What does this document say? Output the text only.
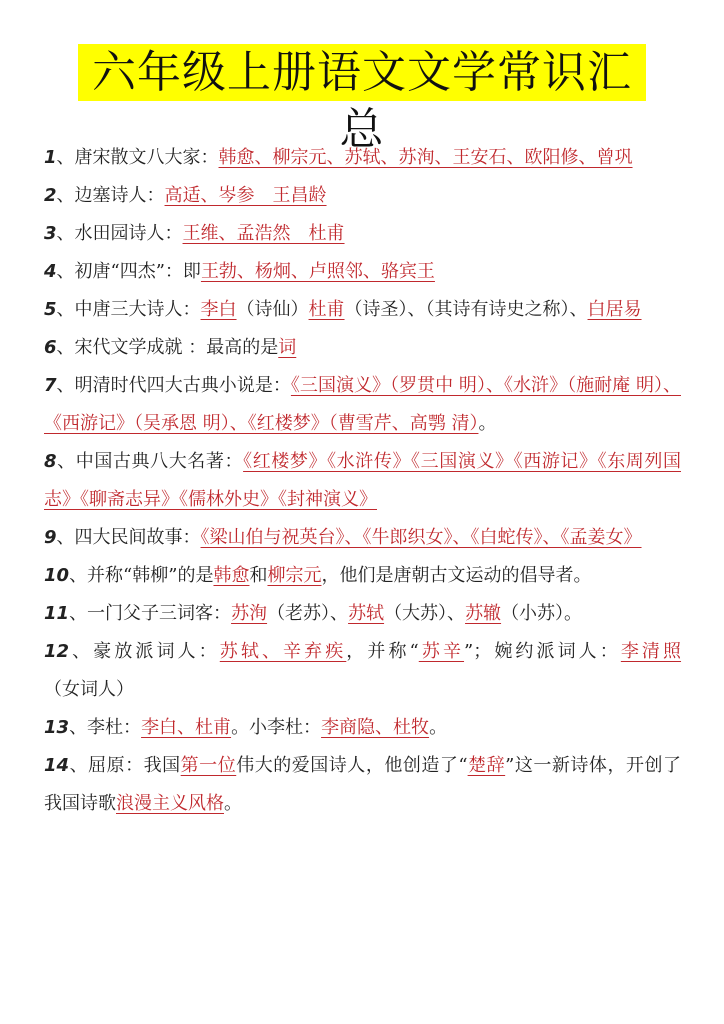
六年级上册语文文学常识汇总
1、唐宋散文八大家：韩愈、柳宗元、苏轼、苏洵、王安石、欧阳修、曾巩
2、边塞诗人：高适、岑参　王昌龄
3、水田园诗人：王维、孟浩然　杜甫
4、初唐“四杰”：即王勃、杨炯、卢照邻、骆宾王
5、中唐三大诗人：李白（诗仙）杜甫（诗圣）、（其诗有诗史之称）、白居易
6、宋代文学成就 ：最高的是词
7、明清时代四大古典小说是：《三国演义》（罗贯中 明）、《水浒》（施耐庵 明）、《西游记》（吴承恩 明）、《红楼梦》（曹雪芹、高鹗 清）。
8、中国古典八大名著：《红楼梦》《水浒传》《三国演义》《西游记》《东周列国志》《聊斋志异》《儒林外史》《封神演义》
9、四大民间故事：《梁山伯与祝英台》、《牛郎织女》、《白蛇传》、《孟姜女》
10、并称“韩柳”的是韩愈和柳宗元，他们是唐朝古文运动的倡导者。
11、一门父子三词客：苏洵（老苏）、苏轼（大苏）、苏辙（小苏）。
12、豪放派词人：苏轼、辛弃疾，并称“苏辛”；婉约派词人：李清照（女词人）
13、李杜：李白、杜甫。小李杜：李商隐、杜牧。
14、屈原：我国第一位伟大的爱国诗人，他创造了“楚辞”这一新诗体，开创了我国诗歌浪漫主义风格。
